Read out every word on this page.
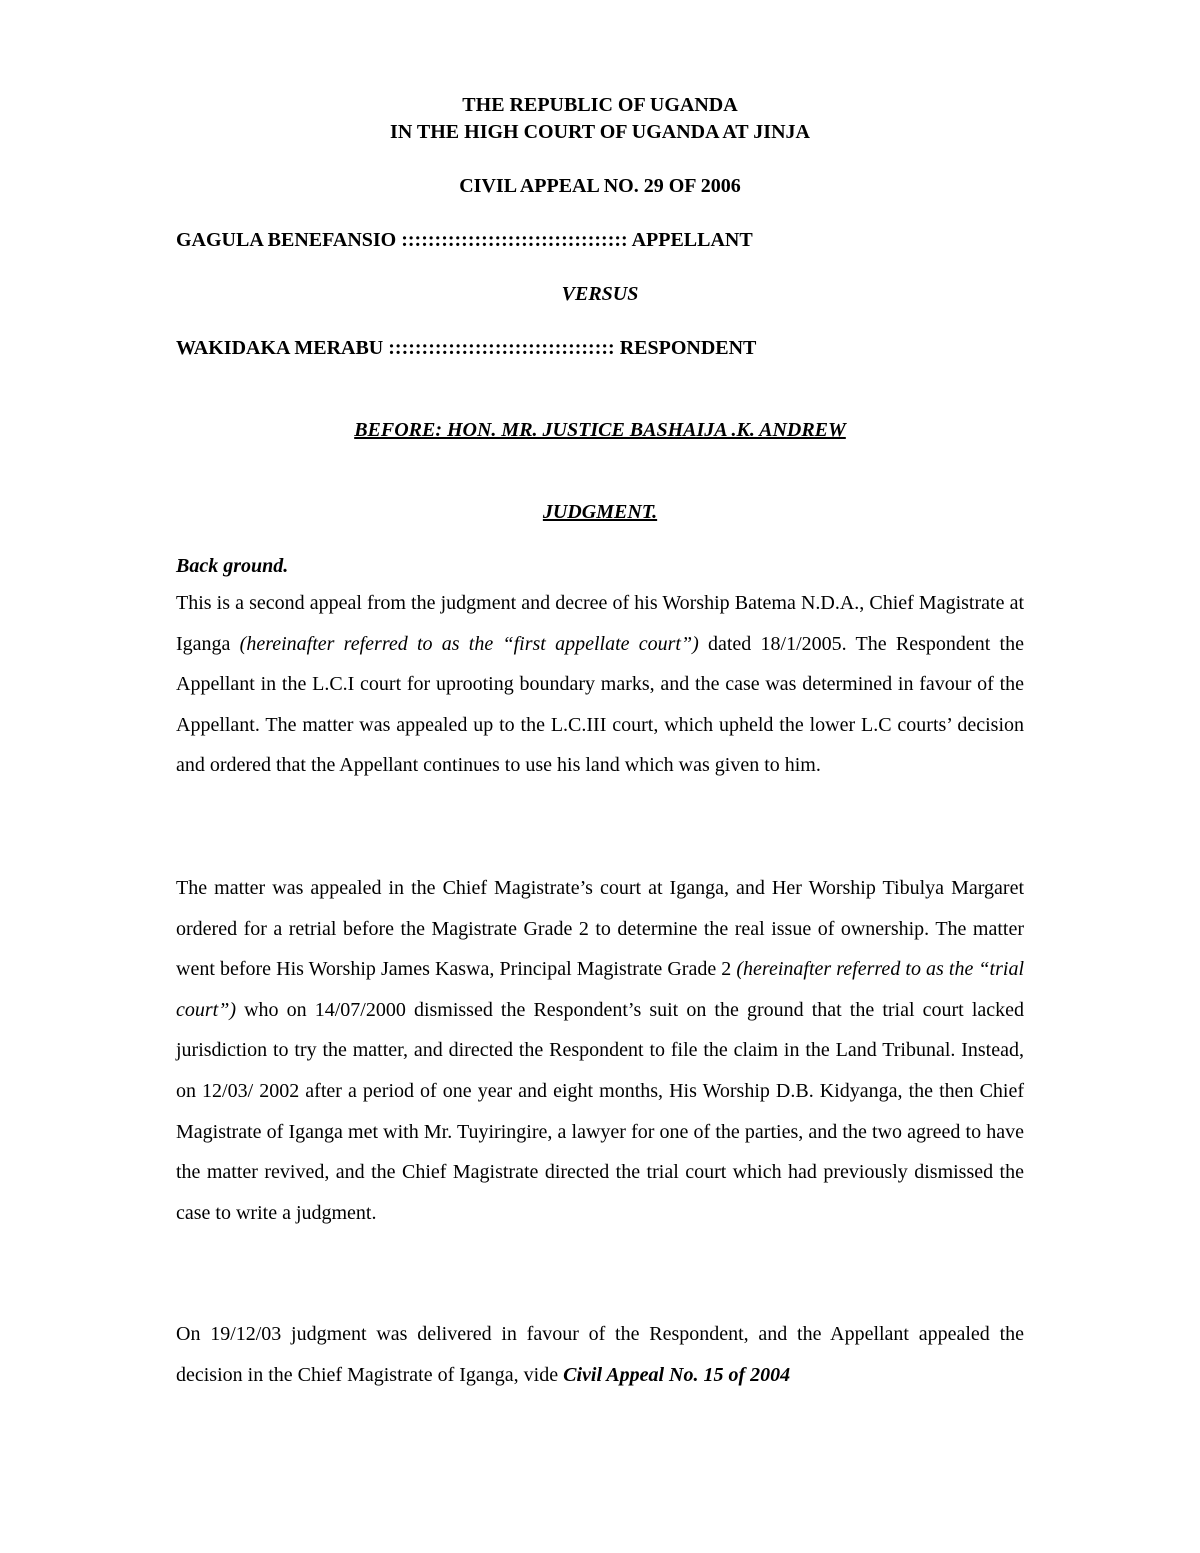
THE REPUBLIC OF UGANDA
IN THE HIGH COURT OF UGANDA AT JINJA
CIVIL APPEAL NO. 29 OF 2006
GAGULA BENEFANSIO :::::::::::::::::::::::::::::::::: APPELLANT
VERSUS
WAKIDAKA MERABU :::::::::::::::::::::::::::::::::: RESPONDENT
BEFORE: HON. MR. JUSTICE BASHAIJA .K. ANDREW
JUDGMENT.
Back ground.

This is a second appeal from the judgment and decree of his Worship Batema N.D.A., Chief Magistrate at Iganga (hereinafter referred to as the “first appellate court”) dated 18/1/2005. The Respondent the Appellant in the L.C.I court for uprooting boundary marks, and the case was determined in favour of the Appellant. The matter was appealed up to the L.C.III court, which upheld the lower L.C courts’ decision and ordered that the Appellant continues to use his land which was given to him.

The matter was appealed in the Chief Magistrate’s court at Iganga, and Her Worship Tibulya Margaret ordered for a retrial before the Magistrate Grade 2 to determine the real issue of ownership. The matter went before His Worship James Kaswa, Principal Magistrate Grade 2 (hereinafter referred to as the “trial court”) who on 14/07/2000 dismissed the Respondent’s suit on the ground that the trial court lacked jurisdiction to try the matter, and directed the Respondent to file the claim in the Land Tribunal. Instead, on 12/03/ 2002 after a period of one year and eight months, His Worship D.B. Kidyanga, the then Chief Magistrate of Iganga met with Mr. Tuyiringire, a lawyer for one of the parties, and the two agreed to have the matter revived, and the Chief Magistrate directed the trial court which had previously dismissed the case to write a judgment.

On 19/12/03 judgment was delivered in favour of the Respondent, and the Appellant appealed the decision in the Chief Magistrate of Iganga, vide Civil Appeal No. 15 of 2004
